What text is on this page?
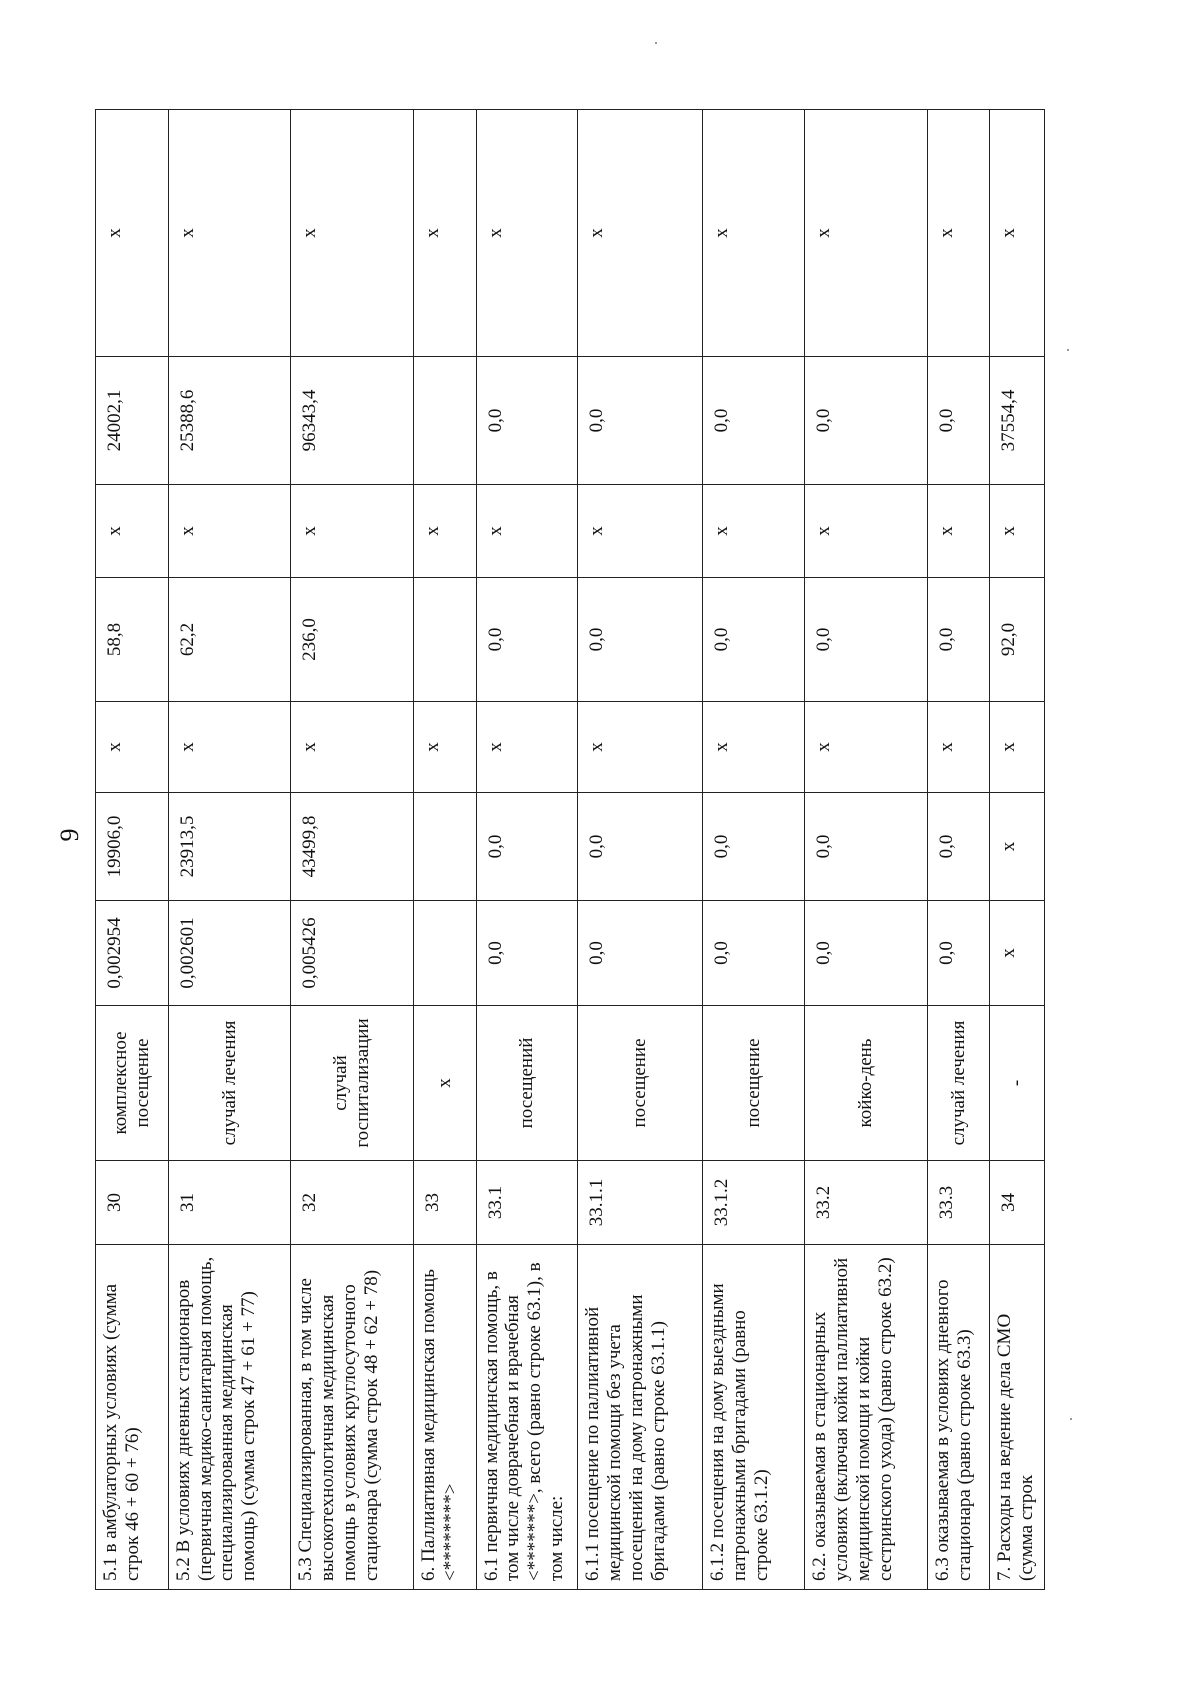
9
5.1 в амбулаторных условиях (сумма строк 46 + 60 + 76)	30	комплексное посещение	0,002954	19906,0	х	58,8	х	24002,1	х
5.2 В условиях дневных стационаров (первичная медико-санитарная помощь, специализированная медицинская помощь) (сумма строк 47 + 61 + 77)	31	случай лечения	0,002601	23913,5	х	62,2	х	25388,6	х
5.3 Специализированная, в том числе высокотехнологичная медицинская помощь в условиях круглосуточного стационара (сумма строк 48 + 62 + 78)	32	случай госпитализации	0,005426	43499,8	х	236,0	х	96343,4	х
6. Паллиативная медицинская помощь <********>	33	х			х		х		х
6.1 первичная медицинская помощь, в том числе доврачебная и врачебная <*******>, всего (равно строке 63.1), в том числе:	33.1	посещений	0,0	0,0	х	0,0	х	0,0	х
6.1.1 посещение по паллиативной медицинской помощи без учета посещений на дому патронажными бригадами (равно строке 63.1.1)	33.1.1	посещение	0,0	0,0	х	0,0	х	0,0	х
6.1.2 посещения на дому выездными патронажными бригадами (равно строке 63.1.2)	33.1.2	посещение	0,0	0,0	х	0,0	х	0,0	х
6.2. оказываемая в стационарных условиях (включая койки паллиативной медицинской помощи и койки сестринского ухода) (равно строке 63.2)	33.2	койко-день	0,0	0,0	х	0,0	х	0,0	х
6.3 оказываемая в условиях дневного стационара (равно строке 63.3)	33.3	случай лечения	0,0	0,0	х	0,0	х	0,0	х
7. Расходы на ведение дела СМО (сумма строк	34	-	х	х	х	92,0	х	37554,4	х
